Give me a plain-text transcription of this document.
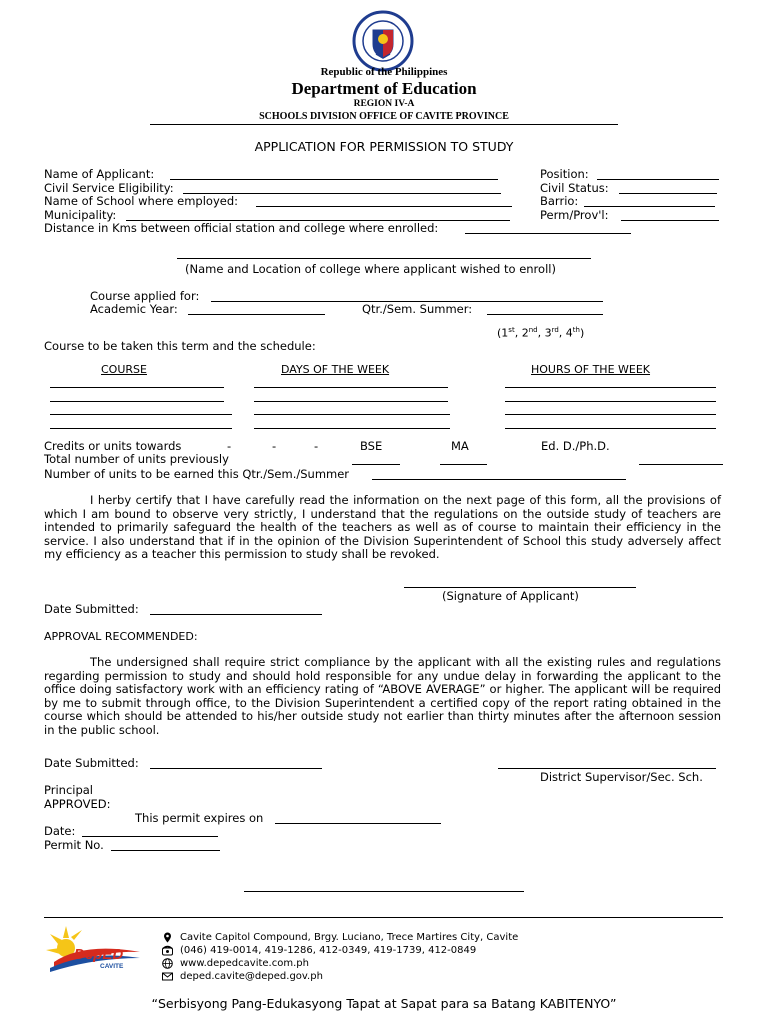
Republic of the Philippines
Department of Education
REGION IV-A
SCHOOLS DIVISION OFFICE OF CAVITE PROVINCE
APPLICATION FOR PERMISSION TO STUDY
Name of Applicant:
Civil Service Eligibility:
Name of School where employed:
Municipality:
Distance in Kms between official station and college where enrolled:
Position:
Civil Status:
Barrio:
Perm/Prov'l:
(Name and Location of college where applicant wished to enroll)
Course applied for:
Academic Year:	Qtr./Sem. Summer:
(1st, 2nd, 3rd, 4th)
Course to be taken this term and the schedule:
COURSE	DAYS OF THE WEEK	HOURS OF THE WEEK
Credits or units towards	-	-	-	BSE	MA	Ed. D./Ph.D.
Total number of units previously
Number of units to be earned this Qtr./Sem./Summer
I herby certify that I have carefully read the information on the next page of this form, all the provisions of which I am bound to observe very strictly, I understand that the regulations on the outside study of teachers are intended to primarily safeguard the health of the teachers as well as of course to maintain their efficiency in the service. I also understand that if in the opinion of the Division Superintendent of School this study adversely affect my efficiency as a teacher this permission to study shall be revoked.
(Signature of Applicant)
Date Submitted:
APPROVAL RECOMMENDED:
The undersigned shall require strict compliance by the applicant with all the existing rules and regulations regarding permission to study and should hold responsible for any undue delay in forwarding the applicant to the office doing satisfactory work with an efficiency rating of “ABOVE AVERAGE” or higher. The applicant will be required by me to submit through office, to the Division Superintendent a certified copy of the report rating obtained in the course which should be attended to his/her outside study not earlier than thirty minutes after the afternoon session in the public school.
Date Submitted:
District Supervisor/Sec. Sch.
Principal
APPROVED:
This permit expires on
Date:
Permit No.
DepED
CAVITE
Cavite Capitol Compound, Brgy. Luciano, Trece Martires City, Cavite
(046) 419-0014, 419-1286, 412-0349, 419-1739, 412-0849
www.depedcavite.com.ph
deped.cavite@deped.gov.ph
“Serbisyong Pang-Edukasyong Tapat at Sapat para sa Batang KABITENYO”
